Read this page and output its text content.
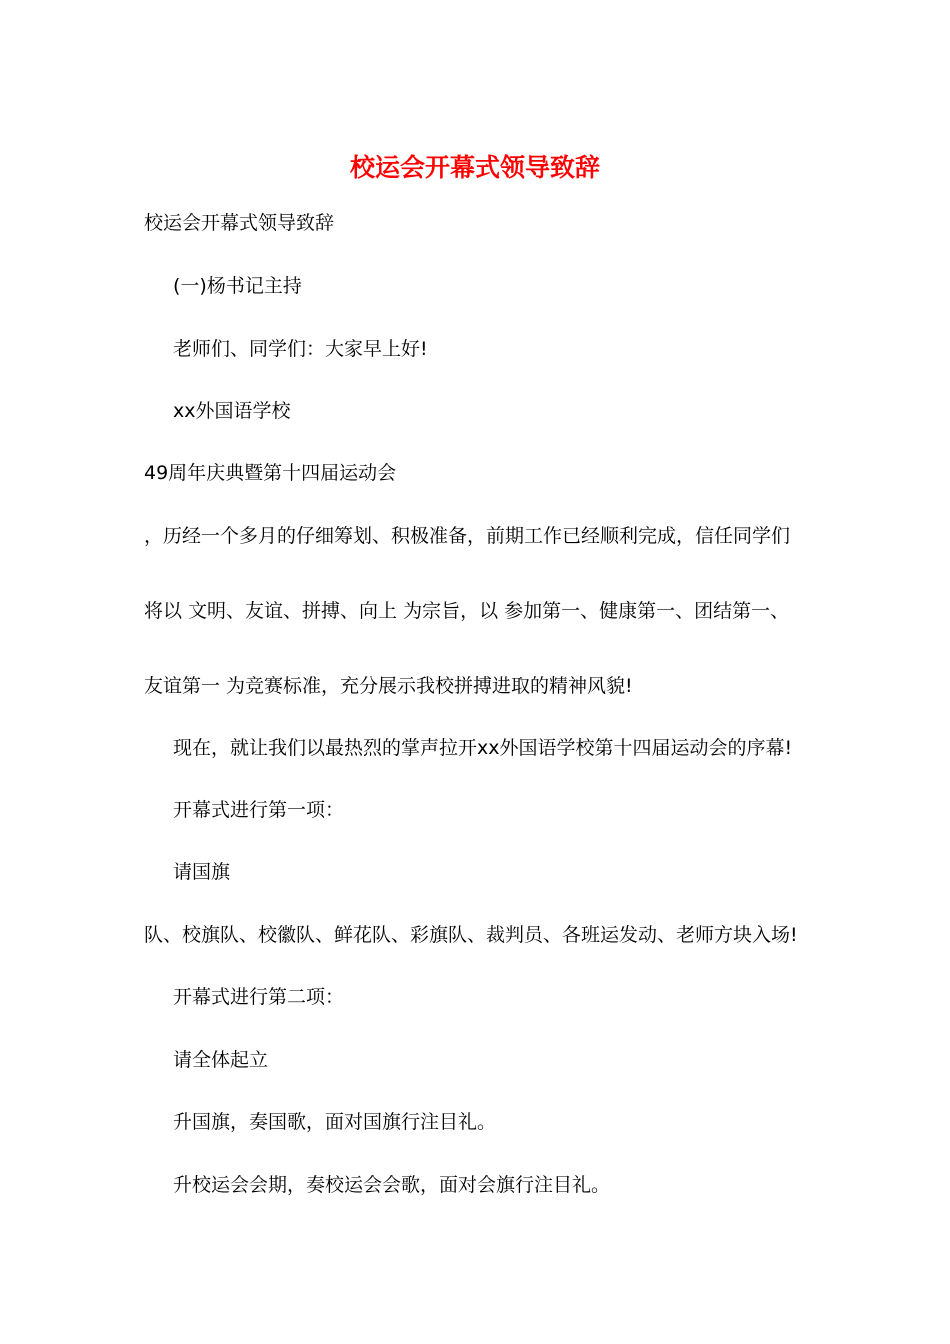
校运会开幕式领导致辞

校运会开幕式领导致辞

(一)杨书记主持

老师们、同学们：大家早上好!

xx外国语学校

49周年庆典暨第十四届运动会

，历经一个多月的仔细筹划、积极准备，前期工作已经顺利完成，信任同学们

将以 文明、友谊、拼搏、向上 为宗旨，以 参加第一、健康第一、团结第一、

友谊第一 为竞赛标准，充分展示我校拼搏进取的精神风貌!

现在，就让我们以最热烈的掌声拉开xx外国语学校第十四届运动会的序幕!

开幕式进行第一项：

请国旗

队、校旗队、校徽队、鲜花队、彩旗队、裁判员、各班运发动、老师方块入场!

开幕式进行第二项：

请全体起立

升国旗，奏国歌，面对国旗行注目礼。

升校运会会期，奏校运会会歌，面对会旗行注目礼。
